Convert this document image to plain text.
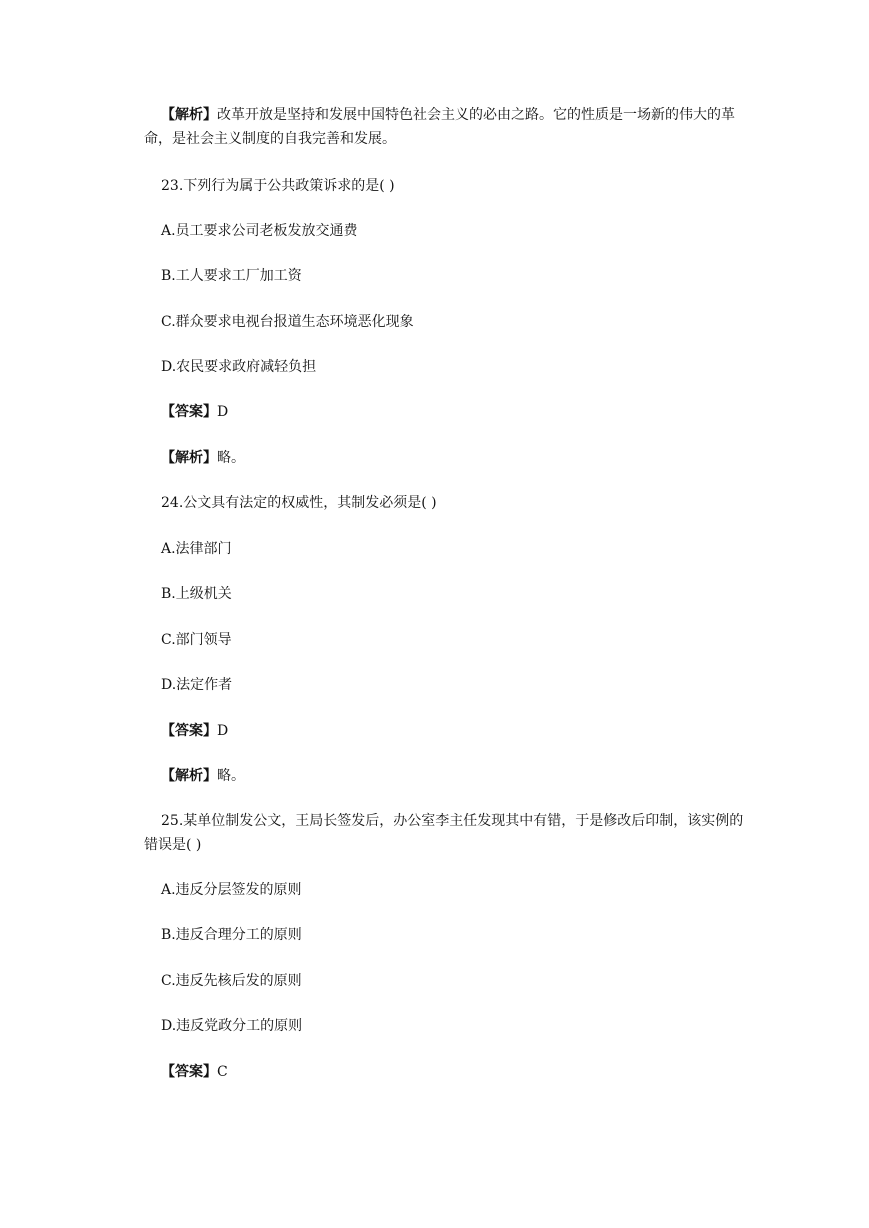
【解析】改革开放是坚持和发展中国特色社会主义的必由之路。它的性质是一场新的伟大的革命，是社会主义制度的自我完善和发展。
23.下列行为属于公共政策诉求的是( )
A.员工要求公司老板发放交通费
B.工人要求工厂加工资
C.群众要求电视台报道生态环境恶化现象
D.农民要求政府减轻负担
【答案】D
【解析】略。
24.公文具有法定的权威性，其制发必须是( )
A.法律部门
B.上级机关
C.部门领导
D.法定作者
【答案】D
【解析】略。
25.某单位制发公文，王局长签发后，办公室李主任发现其中有错，于是修改后印制，该实例的错误是( )
A.违反分层签发的原则
B.违反合理分工的原则
C.违反先核后发的原则
D.违反党政分工的原则
【答案】C
